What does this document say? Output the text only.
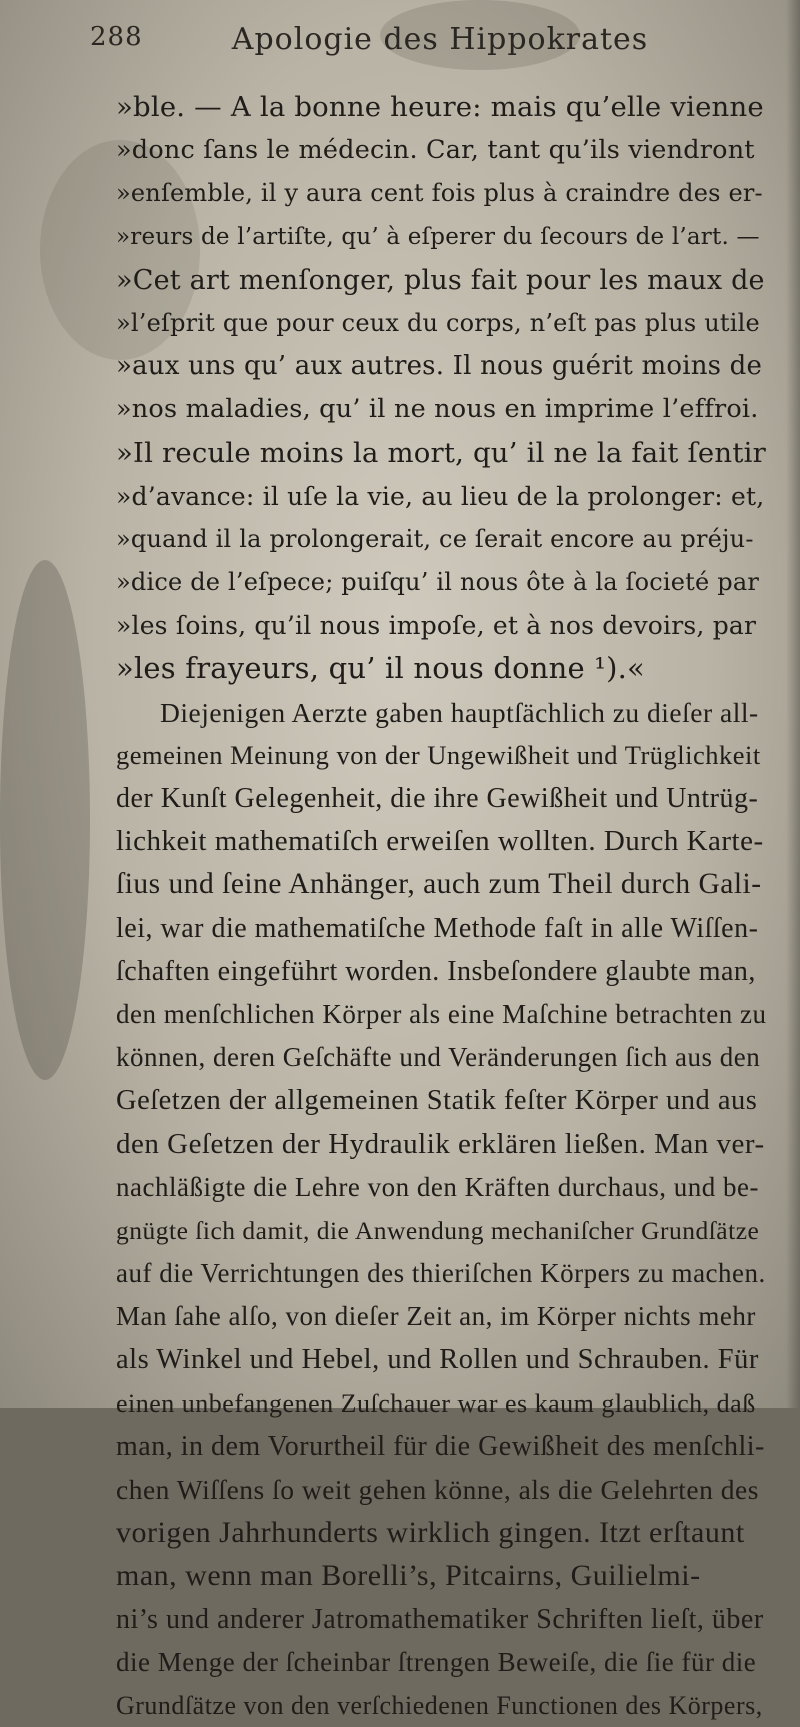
288	Apologie des Hippokrates
»ble. — A la bonne heure: mais qu’elle vienne
»donc ſans le médecin. Car, tant qu’ils viendront
»enſemble, il y aura cent fois plus à craindre des er-
»reurs de l’artiſte, qu’ à eſperer du ſecours de l’art. —
»Cet art menſonger, plus fait pour les maux de
»l’eſprit que pour ceux du corps, n’eſt pas plus utile
»aux uns qu’ aux autres. Il nous guérit moins de
»nos maladies, qu’ il ne nous en imprime l’effroi.
»Il recule moins la mort, qu’ il ne la fait ſentir
»d’avance: il uſe la vie, au lieu de la prolonger: et,
»quand il la prolongerait, ce ſerait encore au préju-
»dice de l’eſpece; puiſqu’ il nous ôte à la ſocieté par
»les ſoins, qu’il nous impoſe, et à nos devoirs, par
»les frayeurs, qu’ il nous donne ¹).«
Diejenigen Aerzte gaben hauptſächlich zu dieſer all-
gemeinen Meinung von der Ungewißheit und Trüglichkeit
der Kunſt Gelegenheit, die ihre Gewißheit und Untrüg-
lichkeit mathematiſch erweiſen wollten. Durch Karte-
ſius und ſeine Anhänger, auch zum Theil durch Gali-
lei, war die mathematiſche Methode faſt in alle Wiſſen-
ſchaften eingeführt worden. Insbeſondere glaubte man,
den menſchlichen Körper als eine Maſchine betrachten zu
können, deren Geſchäfte und Veränderungen ſich aus den
Geſetzen der allgemeinen Statik feſter Körper und aus
den Geſetzen der Hydraulik erklären ließen. Man ver-
nachläßigte die Lehre von den Kräften durchaus, und be-
gnügte ſich damit, die Anwendung mechaniſcher Grundſätze
auf die Verrichtungen des thieriſchen Körpers zu machen.
Man ſahe alſo, von dieſer Zeit an, im Körper nichts mehr
als Winkel und Hebel, und Rollen und Schrauben. Für
einen unbefangenen Zuſchauer war es kaum glaublich, daß
man, in dem Vorurtheil für die Gewißheit des menſchli-
chen Wiſſens ſo weit gehen könne, als die Gelehrten des
vorigen Jahrhunderts wirklich gingen. Itzt erſtaunt
man, wenn man Borelli’s, Pitcairns, Guilielmi-
ni’s und anderer Jatromathematiker Schriften lieſt, über
die Menge der ſcheinbar ſtrengen Beweiſe, die ſie für die
Grundſätze von den verſchiedenen Functionen des Körpers,
